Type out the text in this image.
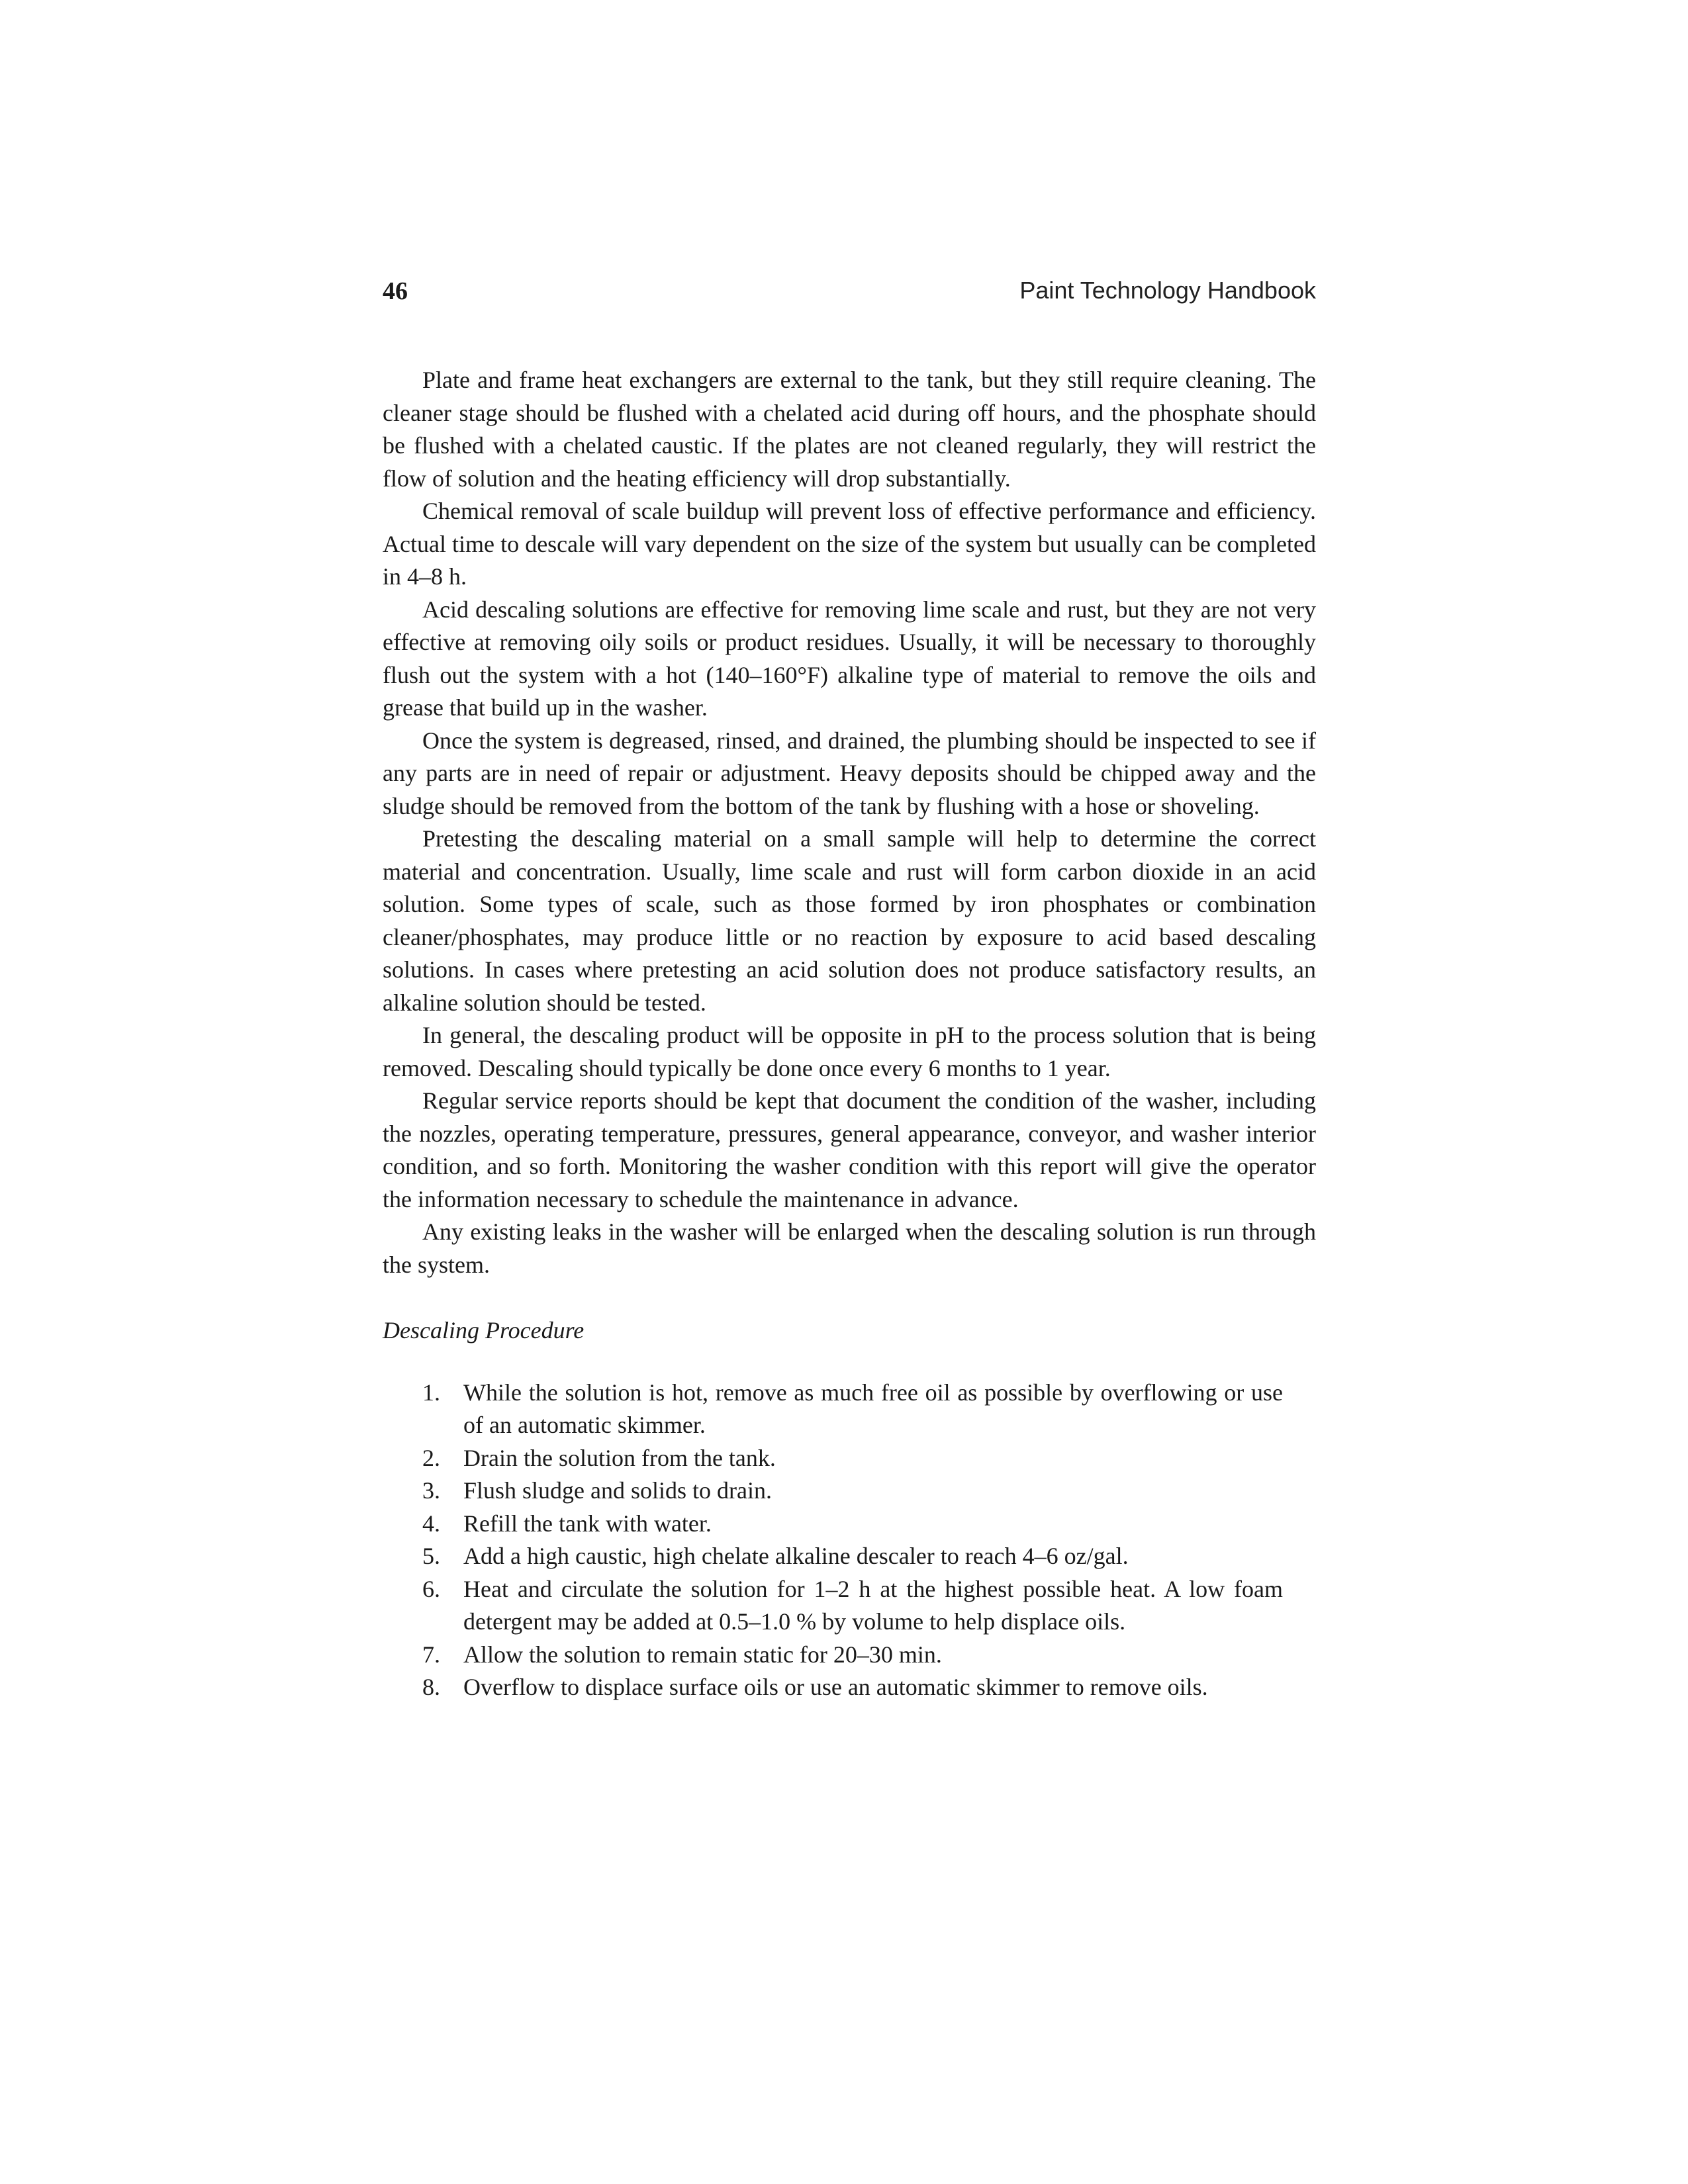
46	Paint Technology Handbook

Plate and frame heat exchangers are external to the tank, but they still require cleaning. The cleaner stage should be flushed with a chelated acid during off hours, and the phosphate should be flushed with a chelated caustic. If the plates are not cleaned regularly, they will restrict the flow of solution and the heating efficiency will drop substantially.

Chemical removal of scale buildup will prevent loss of effective performance and efficiency. Actual time to descale will vary dependent on the size of the system but usually can be completed in 4–8 h.

Acid descaling solutions are effective for removing lime scale and rust, but they are not very effective at removing oily soils or product residues. Usually, it will be necessary to thoroughly flush out the system with a hot (140–160°F) alkaline type of material to remove the oils and grease that build up in the washer.

Once the system is degreased, rinsed, and drained, the plumbing should be inspected to see if any parts are in need of repair or adjustment. Heavy deposits should be chipped away and the sludge should be removed from the bottom of the tank by flushing with a hose or shoveling.

Pretesting the descaling material on a small sample will help to determine the correct material and concentration. Usually, lime scale and rust will form carbon dioxide in an acid solution. Some types of scale, such as those formed by iron phosphates or combination cleaner/phosphates, may produce little or no reaction by exposure to acid based descaling solutions. In cases where pretesting an acid solution does not produce satisfactory results, an alkaline solution should be tested.

In general, the descaling product will be opposite in pH to the process solution that is being removed. Descaling should typically be done once every 6 months to 1 year.

Regular service reports should be kept that document the condition of the washer, including the nozzles, operating temperature, pressures, general appearance, conveyor, and washer interior condition, and so forth. Monitoring the washer condition with this report will give the operator the information necessary to schedule the maintenance in advance.

Any existing leaks in the washer will be enlarged when the descaling solution is run through the system.

Descaling Procedure
1. While the solution is hot, remove as much free oil as possible by overflowing or use of an automatic skimmer.
2. Drain the solution from the tank.
3. Flush sludge and solids to drain.
4. Refill the tank with water.
5. Add a high caustic, high chelate alkaline descaler to reach 4–6 oz/gal.
6. Heat and circulate the solution for 1–2 h at the highest possible heat. A low foam detergent may be added at 0.5–1.0 % by volume to help displace oils.
7. Allow the solution to remain static for 20–30 min.
8. Overflow to displace surface oils or use an automatic skimmer to remove oils.
